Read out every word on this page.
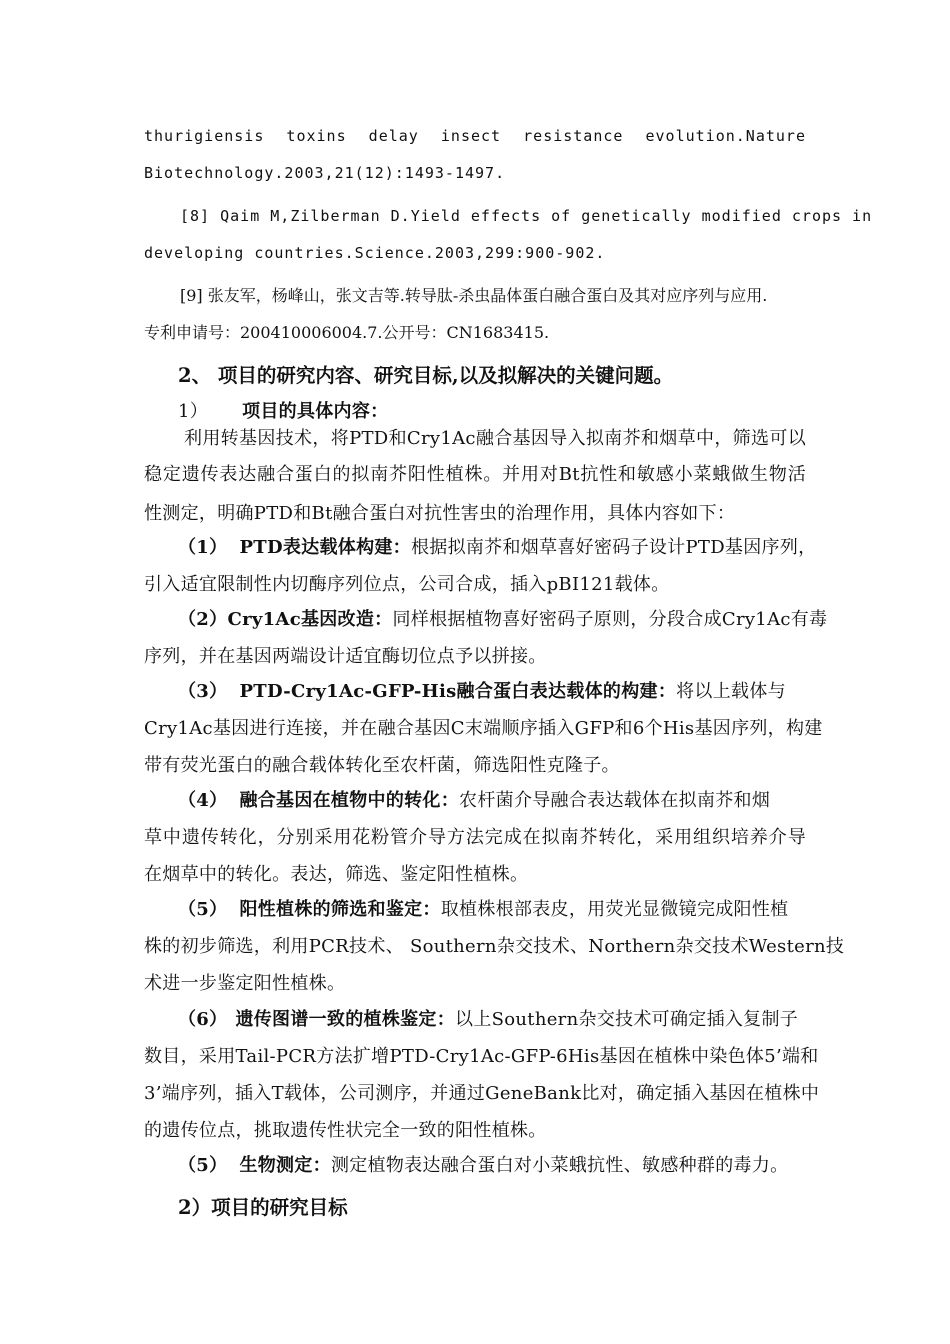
thurigiensis toxins delay insect resistance evolution.Nature
Biotechnology.2003,21(12):1493-1497.
[8] Qaim M,Zilberman D.Yield effects of genetically modified crops in
developing countries.Science.2003,299:900-902.
[9] 张友军，杨峰山，张文吉等.转导肽-杀虫晶体蛋白融合蛋白及其对应序列与应用.
专利申请号：200410006004.7.公开号：CN1683415.
2、 项目的研究内容、研究目标,以及拟解决的关键问题。
1） 项目的具体内容：
利用转基因技术，将PTD和Cry1Ac融合基因导入拟南芥和烟草中，筛选可以
稳定遗传表达融合蛋白的拟南芥阳性植株。并用对Bt抗性和敏感小菜蛾做生物活
性测定，明确PTD和Bt融合蛋白对抗性害虫的治理作用，具体内容如下：
（1） PTD表达载体构建：根据拟南芥和烟草喜好密码子设计PTD基因序列，
引入适宜限制性内切酶序列位点，公司合成，插入pBI121载体。
（2）Cry1Ac基因改造：同样根据植物喜好密码子原则，分段合成Cry1Ac有毒
序列，并在基因两端设计适宜酶切位点予以拼接。
（3） PTD-Cry1Ac-GFP-His融合蛋白表达载体的构建：将以上载体与
Cry1Ac基因进行连接，并在融合基因C末端顺序插入GFP和6个His基因序列，构建
带有荧光蛋白的融合载体转化至农杆菌，筛选阳性克隆子。
（4） 融合基因在植物中的转化：农杆菌介导融合表达载体在拟南芥和烟
草中遗传转化，分别采用花粉管介导方法完成在拟南芥转化，采用组织培养介导
在烟草中的转化。表达，筛选、鉴定阳性植株。
（5） 阳性植株的筛选和鉴定：取植株根部表皮，用荧光显微镜完成阳性植
株的初步筛选，利用PCR技术、 Southern杂交技术、Northern杂交技术Western技
术进一步鉴定阳性植株。
（6） 遗传图谱一致的植株鉴定：以上Southern杂交技术可确定插入复制子
数目，采用Tail-PCR方法扩增PTD-Cry1Ac-GFP-6His基因在植株中染色体5’端和
3’端序列，插入T载体，公司测序，并通过GeneBank比对，确定插入基因在植株中
的遗传位点，挑取遗传性状完全一致的阳性植株。
（5） 生物测定：测定植物表达融合蛋白对小菜蛾抗性、敏感种群的毒力。
2）项目的研究目标
